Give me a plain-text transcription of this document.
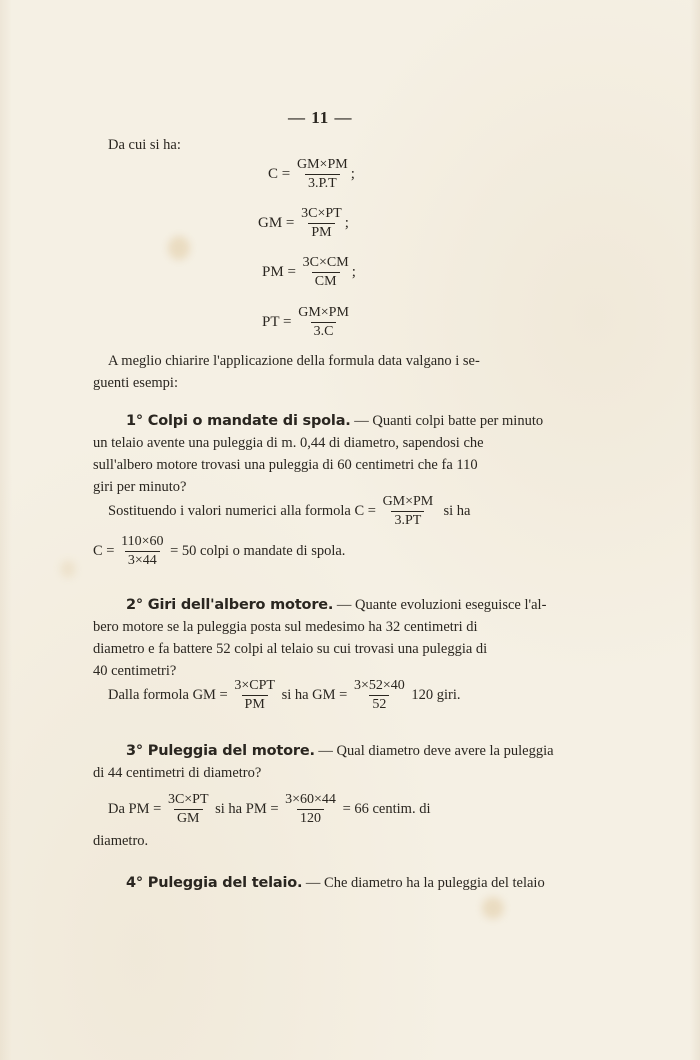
— 11 —
Da cui si ha:
$C = \frac{GM\times PM}{3.P.T}$ ;
GM = $\frac{3C\times PT}{PM}$ ;
PM = $\frac{3C\times CM}{CM}$ ;
PT = $\frac{GM\times PM}{3.C}$
A meglio chiarire l'applicazione della formula data valgano i se-
guenti esempi:
1° Colpi o mandate di spola. — Quanti colpi batte per minuto
un telaio avente una puleggia di m. 0,44 di diametro, sapendosi che
sull'albero motore trovasi una puleggia di 60 centimetri che fa 110
giri per minuto?
Sostituendo i valori numerici alla formola $C = \frac{GM\times PM}{3.PT}$ si ha
$C = \frac{110\times 60}{3\times 44} = 50$ colpi o mandate di spola.
2° Giri dell'albero motore. — Quante evoluzioni eseguisce l'al-
bero motore se la puleggia posta sul medesimo ha 32 centimetri di
diametro e fa battere 52 colpi al telaio su cui trovasi una puleggia di
40 centimetri?
Dalla formola GM = $\frac{\text{3×CPT}}{PM}$ si ha GM = $\frac{3\times 52\times 40}{52} 120$ giri.
3° Puleggia del motore. — Qual diametro deve avere la puleggia
di 44 centimetri di diametro?
Da PM = $\frac{3C\times PT}{GM}$ si ha PM = $\frac{3\times 60\times 44}{120} = 66$ centim. di
diametro.
4° Puleggia del telaio. — Che diametro ha la puleggia del telaio
